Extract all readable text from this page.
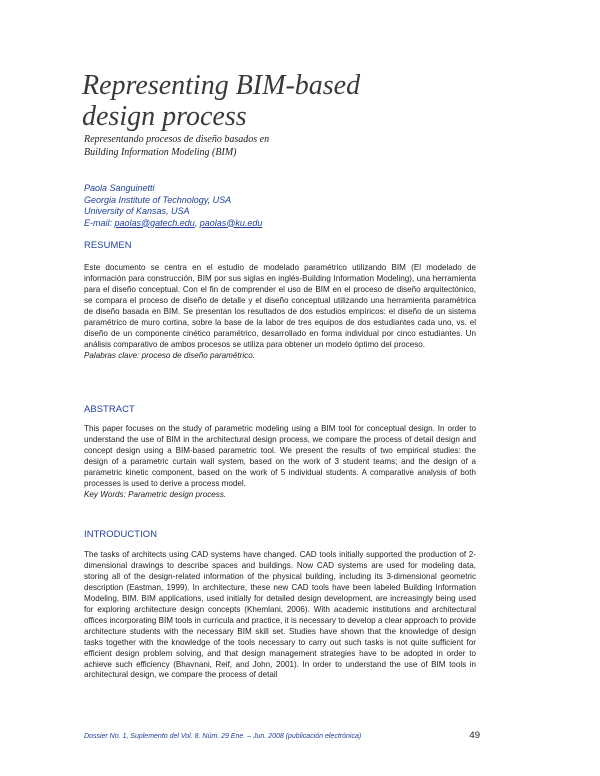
Representing BIM-based
design process

Representando procesos de diseño basados en
Building Information Modeling (BIM)

Paola Sanguinetti
Georgia Institute of Technology, USA
University of Kansas, USA
E-mail: paolas@gatech.edu, paolas@ku.edu
RESUMEN

Este documento se centra en el estudio de modelado paramétrico utilizando BIM (El modelado de información para construcción, BIM por sus siglas en inglés-Building Information Modeling), una herramienta para el diseño conceptual. Con el fin de comprender el uso de BIM en el proceso de diseño arquitectónico, se compara el proceso de diseño de detalle y el diseño conceptual utilizando una herramienta paramétrica de diseño basada en BIM. Se presentan los resultados de dos estudios empíricos: el diseño de un sistema paramétrico de muro cortina, sobre la base de la labor de tres equipos de dos estudiantes cada uno, vs. el diseño de un componente cinético paramétrico, desarrollado en forma individual por cinco estudiantes. Un análisis comparativo de ambos procesos se utiliza para obtener un modelo óptimo del proceso.
Palabras clave: proceso de diseño paramétrico.

ABSTRACT

This paper focuses on the study of parametric modeling using a BIM tool for conceptual design. In order to understand the use of BIM in the architectural design process, we compare the process of detail design and concept design using a BIM-based parametric tool. We present the results of two empirical studies: the design of a parametric curtain wall system, based on the work of 3 student teams; and the design of a parametric kinetic component, based on the work of 5 individual students. A comparative analysis of both processes is used to derive a process model.
Key Words: Parametric design process.

INTRODUCTION

The tasks of architects using CAD systems have changed. CAD tools initially supported the production of 2-dimensional drawings to describe spaces and buildings. Now CAD systems are used for modeling data, storing all of the design-related information of the physical building, including its 3-dimensional geometric description (Eastman, 1999). In architecture, these new CAD tools have been labeled Building Information Modeling, BIM. BIM applications, used initially for detailed design development, are increasingly being used for exploring architecture design concepts (Khemlani, 2006). With academic institutions and architectural offices incorporating BIM tools in curricula and practice, it is necessary to develop a clear approach to provide architecture students with the necessary BIM skill set. Studies have shown that the knowledge of design tasks together with the knowledge of the tools necessary to carry out such tasks is not quite sufficient for efficient design problem solving, and that design management strategies have to be adopted in order to achieve such efficiency (Bhavnani, Reif, and John, 2001). In order to understand the use of BIM tools in architectural design, we compare the process of detail

Dossier No. 1, Suplemento del Vol. 8. Núm. 29 Ene. – Jun. 2008 (publicación electrónica)	49
